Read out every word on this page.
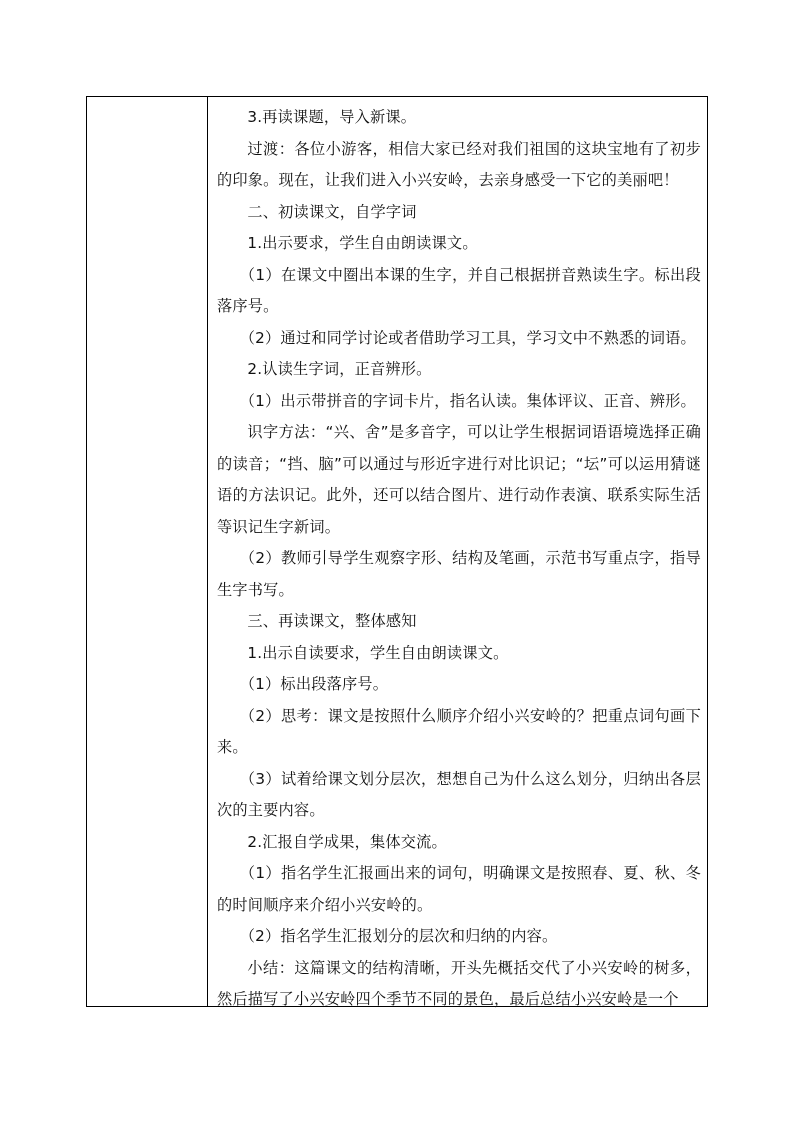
3.再读课题，导入新课。

过渡：各位小游客，相信大家已经对我们祖国的这块宝地有了初步的印象。现在，让我们进入小兴安岭，去亲身感受一下它的美丽吧！

二、初读课文，自学字词

1.出示要求，学生自由朗读课文。

（1）在课文中圈出本课的生字，并自己根据拼音熟读生字。标出段落序号。

（2）通过和同学讨论或者借助学习工具，学习文中不熟悉的词语。

2.认读生字词，正音辨形。

（1）出示带拼音的字词卡片，指名认读。集体评议、正音、辨形。

识字方法：“兴、舍”是多音字，可以让学生根据词语语境选择正确的读音；“挡、脑”可以通过与形近字进行对比识记；“坛”可以运用猜谜语的方法识记。此外，还可以结合图片、进行动作表演、联系实际生活等识记生字新词。

（2）教师引导学生观察字形、结构及笔画，示范书写重点字，指导生字书写。

三、再读课文，整体感知

1.出示自读要求，学生自由朗读课文。

（1）标出段落序号。

（2）思考：课文是按照什么顺序介绍小兴安岭的？把重点词句画下来。

（3）试着给课文划分层次，想想自己为什么这么划分，归纳出各层次的主要内容。

2.汇报自学成果，集体交流。

（1）指名学生汇报画出来的词句，明确课文是按照春、夏、秋、冬的时间顺序来介绍小兴安岭的。

（2）指名学生汇报划分的层次和归纳的内容。

小结：这篇课文的结构清晰，开头先概括交代了小兴安岭的树多，然后描写了小兴安岭四个季节不同的景色，最后总结小兴安岭是一个
